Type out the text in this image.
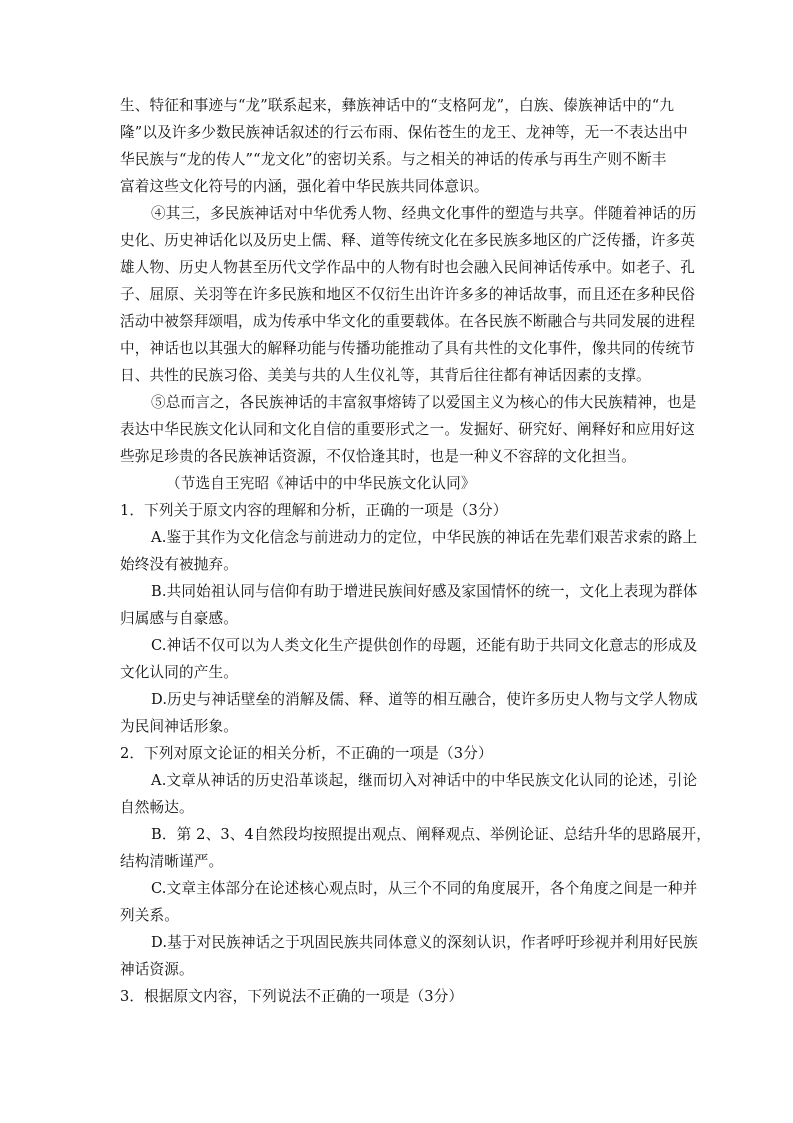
生、特征和事迹与“龙”联系起来，彝族神话中的“支格阿龙”，白族、傣族神话中的“九
隆”以及许多少数民族神话叙述的行云布雨、保佑苍生的龙王、龙神等，无一不表达出中
华民族与“龙的传人”“龙文化”的密切关系。与之相关的神话的传承与再生产则不断丰
富着这些文化符号的内涵，强化着中华民族共同体意识。
④其三，多民族神话对中华优秀人物、经典文化事件的塑造与共享。伴随着神话的历
史化、历史神话化以及历史上儒、释、道等传统文化在多民族多地区的广泛传播，许多英
雄人物、历史人物甚至历代文学作品中的人物有时也会融入民间神话传承中。如老子、孔
子、屈原、关羽等在许多民族和地区不仅衍生出许许多多的神话故事，而且还在多种民俗
活动中被祭拜颂唱，成为传承中华文化的重要载体。在各民族不断融合与共同发展的进程
中，神话也以其强大的解释功能与传播功能推动了具有共性的文化事件，像共同的传统节
日、共性的民族习俗、美美与共的人生仪礼等，其背后往往都有神话因素的支撑。
⑤总而言之，各民族神话的丰富叙事熔铸了以爱国主义为核心的伟大民族精神，也是
表达中华民族文化认同和文化自信的重要形式之一。发掘好、研究好、阐释好和应用好这
些弥足珍贵的各民族神话资源，不仅恰逢其时，也是一种义不容辞的文化担当。
（节选自王宪昭《神话中的中华民族文化认同》
1．下列关于原文内容的理解和分析，正确的一项是（3分）
A.鉴于其作为文化信念与前进动力的定位，中华民族的神话在先辈们艰苦求索的路上
始终没有被抛弃。
B.共同始祖认同与信仰有助于增进民族间好感及家国情怀的统一，文化上表现为群体
归属感与自豪感。
C.神话不仅可以为人类文化生产提供创作的母题，还能有助于共同文化意志的形成及
文化认同的产生。
D.历史与神话壁垒的消解及儒、释、道等的相互融合，使许多历史人物与文学人物成
为民间神话形象。
2．下列对原文论证的相关分析，不正确的一项是（3分）
A.文章从神话的历史沿革谈起，继而切入对神话中的中华民族文化认同的论述，引论
自然畅达。
B．第 2、3、4自然段均按照提出观点、阐释观点、举例论证、总结升华的思路展开，
结构清晰谨严。
C.文章主体部分在论述核心观点时，从三个不同的角度展开，各个角度之间是一种并
列关系。
D.基于对民族神话之于巩固民族共同体意义的深刻认识，作者呼吁珍视并利用好民族
神话资源。
3．根据原文内容，下列说法不正确的一项是（3分）
